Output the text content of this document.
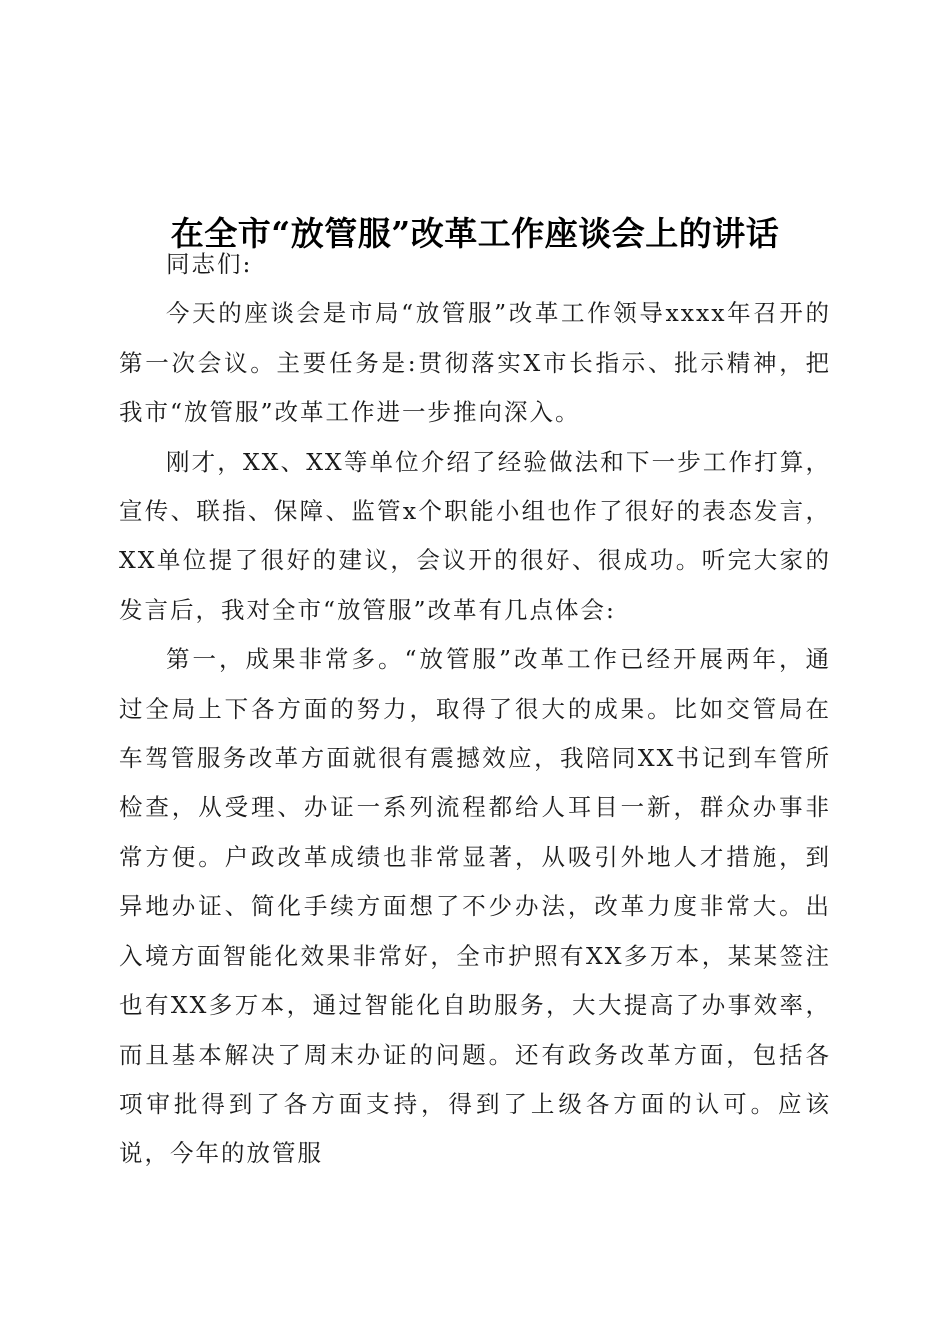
在全市“放管服”改革工作座谈会上的讲话

同志们:

今天的座谈会是市局“放管服”改革工作领导xxxx年召开的第一次会议。主要任务是:贯彻落实X市长指示、批示精神，把我市“放管服”改革工作进一步推向深入。

刚才，XX、XX等单位介绍了经验做法和下一步工作打算，宣传、联指、保障、监管x个职能小组也作了很好的表态发言，XX单位提了很好的建议，会议开的很好、很成功。听完大家的发言后，我对全市“放管服”改革有几点体会:

第一，成果非常多。“放管服”改革工作已经开展两年，通过全局上下各方面的努力，取得了很大的成果。比如交管局在车驾管服务改革方面就很有震撼效应，我陪同XX书记到车管所检查，从受理、办证一系列流程都给人耳目一新，群众办事非常方便。户政改革成绩也非常显著，从吸引外地人才措施，到异地办证、简化手续方面想了不少办法，改革力度非常大。出入境方面智能化效果非常好，全市护照有XX多万本，某某签注也有XX多万本，通过智能化自助服务，大大提高了办事效率，而且基本解决了周末办证的问题。还有政务改革方面，包括各项审批得到了各方面支持，得到了上级各方面的认可。应该说，今年的放管服
